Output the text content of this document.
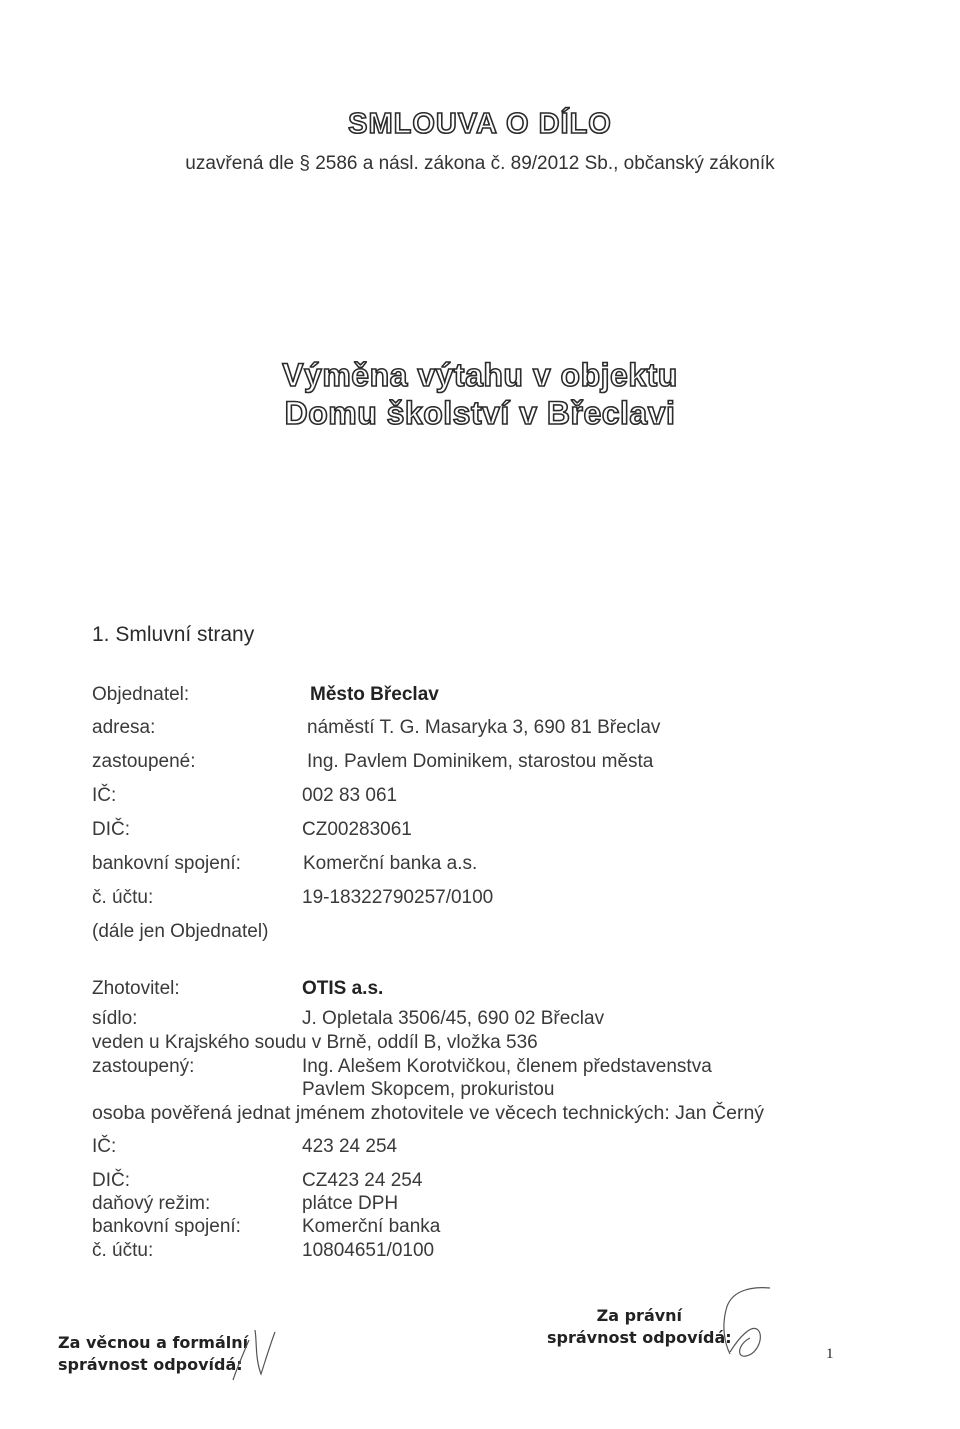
SMLOUVA O DÍLO
uzavřená dle § 2586 a násl. zákona č. 89/2012 Sb., občanský zákoník
Výměna výtahu v objektu
Domu školství v Břeclavi
1. Smluvní strany
Objednatel:	Město Břeclav
adresa:	náměstí T. G. Masaryka 3, 690 81 Břeclav
zastoupené:	Ing. Pavlem Dominikem, starostou města
IČ:	002 83 061
DIČ:	CZ00283061
bankovní spojení:	Komerční banka a.s.
č. účtu:	19-18322790257/0100
(dále jen Objednatel)
Zhotovitel:	OTIS a.s.
sídlo:	J. Opletala 3506/45, 690 02 Břeclav
veden u Krajského soudu v Brně, oddíl B, vložka 536
zastoupený:	Ing. Alešem Korotvičkou, členem představenstva
Pavlem Skopcem, prokuristou
osoba pověřená jednat jménem zhotovitele ve věcech technických: Jan Černý
IČ:	423 24 254
DIČ:	CZ423 24 254
daňový režim:	plátce DPH
bankovní spojení:	Komerční banka
č. účtu:	10804651/0100
Za věcnou a formální
správnost odpovídá:
Za právní
správnost odpovídá:
1
